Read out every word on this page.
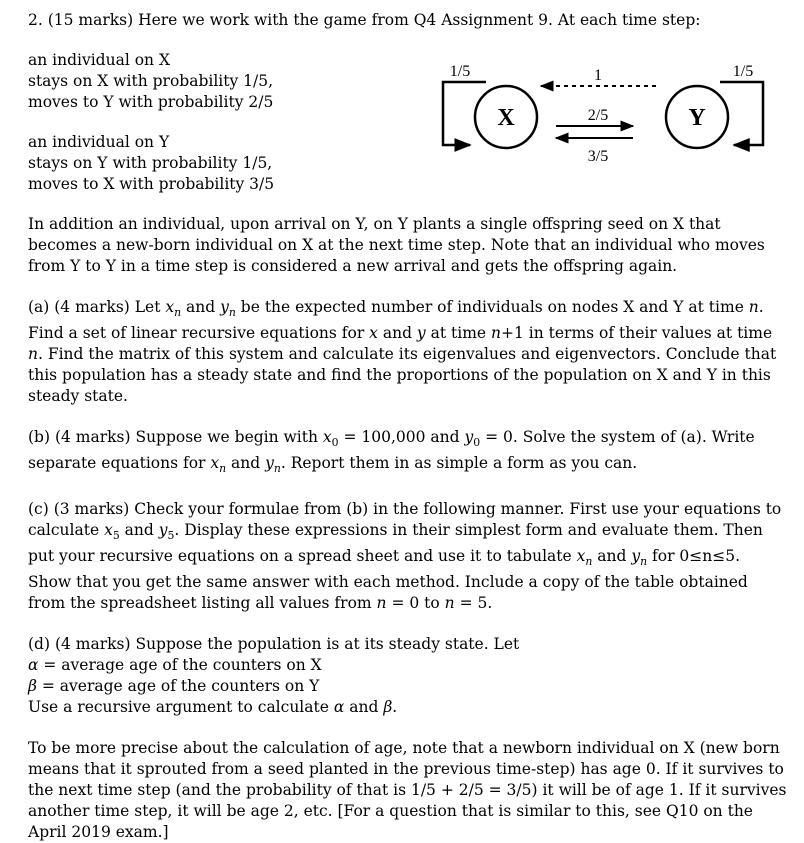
2. (15 marks) Here we work with the game from Q4 Assignment 9. At each time step:

an individual on X

stays on X with probability 1/5,

moves to Y with probability 2/5

an individual on Y

stays on Y with probability 1/5,

moves to X with probability 3/5

In addition an individual, upon arrival on Y, on Y plants a single offspring seed on X that becomes a new-born individual on X at the next time step. Note that an individual who moves from Y to Y in a time step is considered a new arrival and gets the offspring again.

(a) (4 marks) Let $x_n$ and $y_n$ be the expected number of individuals on nodes X and Y at time n. Find a set of linear recursive equations for x and y at time n+1 in terms of their values at time n. Find the matrix of this system and calculate its eigenvalues and eigenvectors. Conclude that this population has a steady state and find the proportions of the population on X and Y in this steady state.

(b) (4 marks) Suppose we begin with $x_0 = 100,000$ and $y_0 = 0$. Solve the system of (a). Write separate equations for $x_n$ and $y_n$. Report them in as simple a form as you can.

(c) (3 marks) Check your formulae from (b) in the following manner. First use your equations to calculate $x_5$ and $y_5$. Display these expressions in their simplest form and evaluate them. Then put your recursive equations on a spread sheet and use it to tabulate $x_n$ and $y_n$ for 0≤n≤5. Show that you get the same answer with each method. Include a copy of the table obtained from the spreadsheet listing all values from n = 0 to n = 5.

(d) (4 marks) Suppose the population is at its steady state. Let

α = average age of the counters on X

β = average age of the counters on Y

Use a recursive argument to calculate α and β.

To be more precise about the calculation of age, note that a newborn individual on X (new born means that it sprouted from a seed planted in the previous time-step) has age 0. If it survives to the next time step (and the probability of that is 1/5 + 2/5 = 3/5) it will be of age 1. If it survives another time step, it will be age 2, etc. [For a question that is similar to this, see Q10 on the April 2019 exam.]

X	Y
1/5	1/5
1
2/5
3/5
